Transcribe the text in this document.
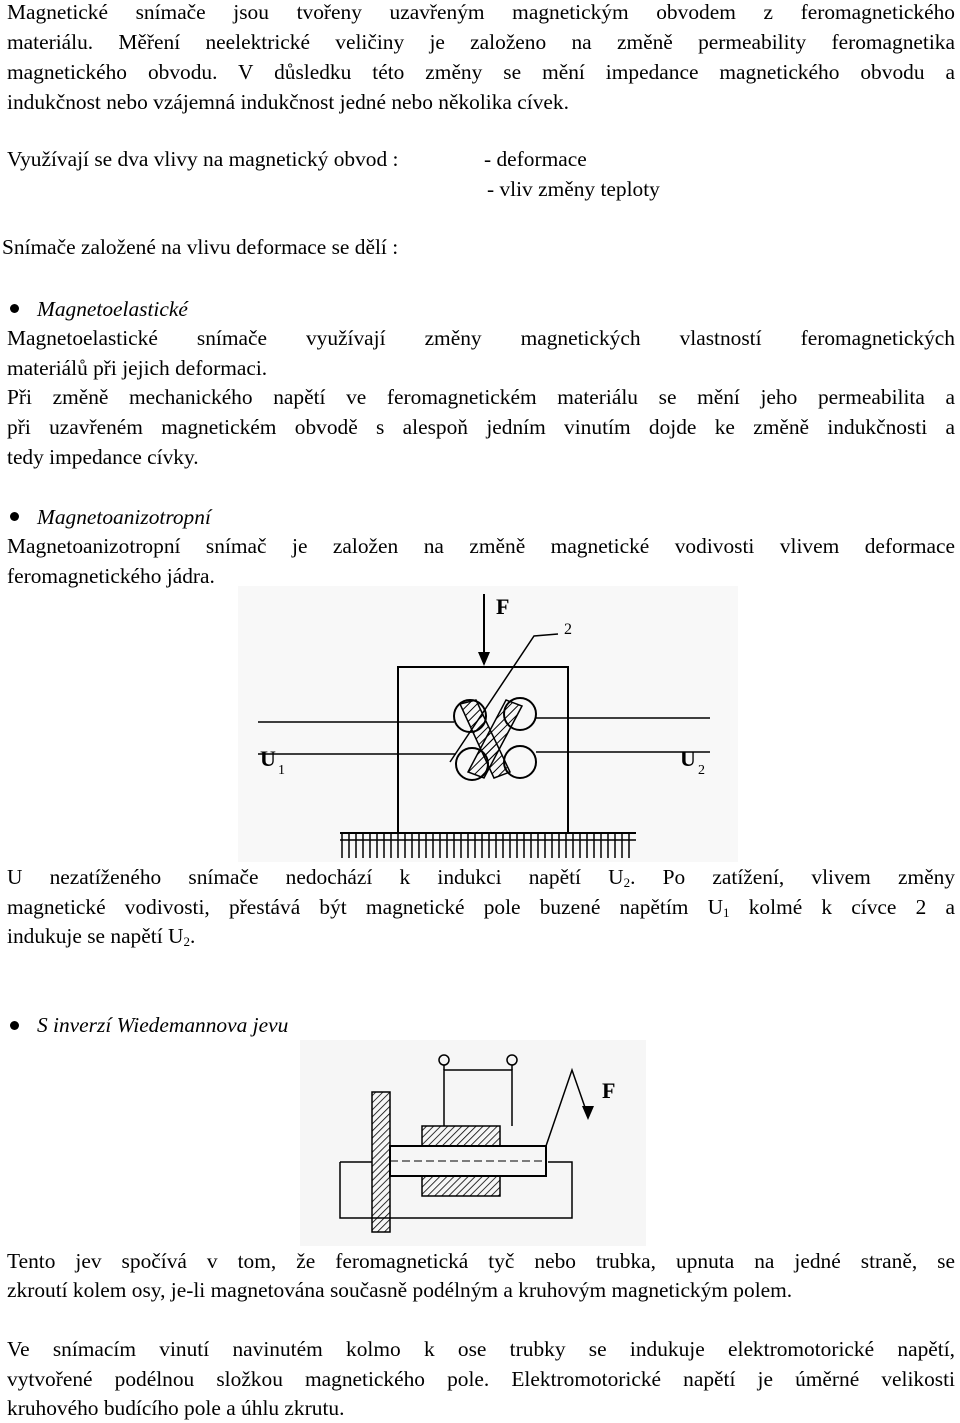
Magnetické snímače jsou tvořeny uzavřeným magnetickým obvodem z feromagnetického
materiálu. Měření neelektrické veličiny je založeno na změně permeability feromagnetika
magnetického obvodu. V důsledku této změny se mění impedance magnetického obvodu a
indukčnost nebo vzájemná indukčnost jedné nebo několika cívek.
Využívají se dva vlivy na magnetický obvod :	- deformace
- vliv změny teploty
Snímače založené na vlivu deformace se dělí :
Magnetoelastické
Magnetoelastické snímače využívají změny magnetických vlastností feromagnetických
materiálů při jejich deformaci.
Při změně mechanického napětí ve feromagnetickém materiálu se mění jeho permeabilita a
při uzavřeném magnetickém obvodě s alespoň jedním vinutím dojde ke změně indukčnosti a
tedy impedance cívky.
Magnetoanizotropní
Magnetoanizotropní snímač je založen na změně magnetické vodivosti vlivem deformace
feromagnetického jádra.
F
2
U 1	U 2
U nezatíženého snímače nedochází k indukci napětí $U_2$. Po zatížení, vlivem změny
magnetické vodivosti, přestává být magnetické pole buzené napětím $U_1$ kolmé k cívce 2 a
indukuje se napětí $U_2$.
S inverzí Wiedemannova jevu
F
Tento jev spočívá v tom, že feromagnetická tyč nebo trubka, upnuta na jedné straně, se
zkroutí kolem osy, je-li magnetována současně podélným a kruhovým magnetickým polem.
Ve snímacím vinutí navinutém kolmo k ose trubky se indukuje elektromotorické napětí,
vytvořené podélnou složkou magnetického pole. Elektromotorické napětí je úměrné velikosti
kruhového budícího pole a úhlu zkrutu.
